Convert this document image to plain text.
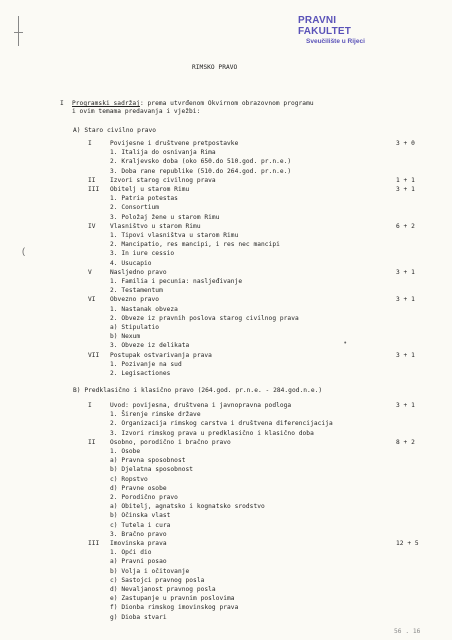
PRAVNI FAKULTET
Sveučilište u Rijeci
(
•
RIMSKO PRAVO
I Programski sadržaj: prema utvrđenom Okvirnom obrazovnom programu
i ovim temama predavanja i vježbi:
A) Staro civilno pravo
I	Povijesne i društvene pretpostavke	3 + 0
1. Italija do osnivanja Rima
2. Kraljevsko doba (oko 650.do 510.god. pr.n.e.)
3. Doba rane republike (510.do 264.god. pr.n.e.)
II Izvori starog civilnog prava	1 + 1
III Obitelj u starom Rimu	3 + 1
1. Patria potestas
2. Consortium
3. Položaj žene u starom Rimu
IV Vlasništvo u starom Rimu	6 + 2
1. Tipovi vlasništva u starom Rimu
2. Mancipatio, res mancipi, i res nec mancipi
3. In iure cessio
4. Usucapio
V	Nasljedno pravo	3 + 1
1. Familia i pecunia: nasljeđivanje
2. Testamentum
VI Obvezno pravo	3 + 1
1. Nastanak obveza
2. Obveze iz pravnih poslova starog civilnog prava
a) Stipulatio
b) Nexum
3. Obveze iz delikata
VII Postupak ostvarivanja prava	3 + 1
1. Pozivanje na sud
2. Legisactiones
B) Predklasično i klasično pravo (264.god. pr.n.e. - 284.god.n.e.)
I	Uvod: povijesna, društvena i javnopravna podloga	3 + 1
1. Širenje rimske države
2. Organizacija rimskog carstva i društvena diferencijacija
3. Izvori rimskog prava u predklasično i klasično doba
II Osobno, porodično i bračno pravo	8 + 2
1. Osobe
a) Pravna sposobnost
b) Djelatna sposobnost
c) Ropstvo
d) Pravne osobe
2. Porodično pravo
a) Obitelj, agnatsko i kognatsko srodstvo
b) Očinska vlast
c) Tutela i cura
3. Bračno pravo
III Imovinska prava	12 + 5
1. Opći dio
a) Pravni posao
b) Volja i očitovanje
c) Sastojci pravnog posla
d) Nevaljanost pravnog posla
e) Zastupanje u pravnim poslovima
f) Dionba rimskog imovinskog prava
g) Dioba stvari
56 . 16
